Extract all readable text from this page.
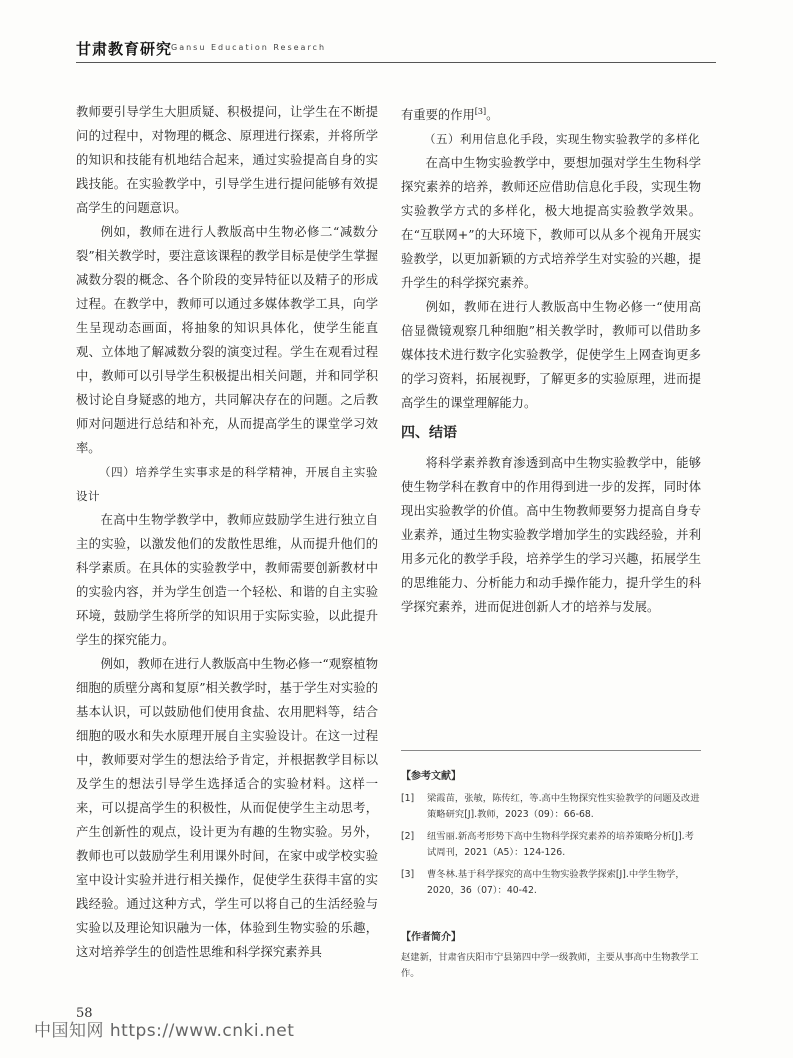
甘肃教育研究
Gansu Education Research

教师要引导学生大胆质疑、积极提问，让学生在不断提问的过程中，对物理的概念、原理进行探索，并将所学的知识和技能有机地结合起来，通过实验提高自身的实践技能。在实验教学中，引导学生进行提问能够有效提高学生的问题意识。

例如，教师在进行人教版高中生物必修二“减数分裂”相关教学时，要注意该课程的教学目标是使学生掌握减数分裂的概念、各个阶段的变异特征以及精子的形成过程。在教学中，教师可以通过多媒体教学工具，向学生呈现动态画面，将抽象的知识具体化，使学生能直观、立体地了解减数分裂的演变过程。学生在观看过程中，教师可以引导学生积极提出相关问题，并和同学积极讨论自身疑惑的地方，共同解决存在的问题。之后教师对问题进行总结和补充，从而提高学生的课堂学习效率。

（四）培养学生实事求是的科学精神，开展自主实验设计

在高中生物学教学中，教师应鼓励学生进行独立自主的实验，以激发他们的发散性思维，从而提升他们的科学素质。在具体的实验教学中，教师需要创新教材中的实验内容，并为学生创造一个轻松、和谐的自主实验环境，鼓励学生将所学的知识用于实际实验，以此提升学生的探究能力。

例如，教师在进行人教版高中生物必修一“观察植物细胞的质壁分离和复原”相关教学时，基于学生对实验的基本认识，可以鼓励他们使用食盐、农用肥料等，结合细胞的吸水和失水原理开展自主实验设计。在这一过程中，教师要对学生的想法给予肯定，并根据教学目标以及学生的想法引导学生选择适合的实验材料。这样一来，可以提高学生的积极性，从而促使学生主动思考，产生创新性的观点，设计更为有趣的生物实验。另外，教师也可以鼓励学生利用课外时间，在家中或学校实验室中设计实验并进行相关操作，促使学生获得丰富的实践经验。通过这种方式，学生可以将自己的生活经验与实验以及理论知识融为一体，体验到生物实验的乐趣，这对培养学生的创造性思维和科学探究素养具

有重要的作用[3]。

（五）利用信息化手段，实现生物实验教学的多样化

在高中生物实验教学中，要想加强对学生生物科学探究素养的培养，教师还应借助信息化手段，实现生物实验教学方式的多样化，极大地提高实验教学效果。在“互联网+”的大环境下，教师可以从多个视角开展实验教学，以更加新颖的方式培养学生对实验的兴趣，提升学生的科学探究素养。

例如，教师在进行人教版高中生物必修一“使用高倍显微镜观察几种细胞”相关教学时，教师可以借助多媒体技术进行数字化实验教学，促使学生上网查询更多的学习资料，拓展视野，了解更多的实验原理，进而提高学生的课堂理解能力。

四、结语

将科学素养教育渗透到高中生物实验教学中，能够使生物学科在教育中的作用得到进一步的发挥，同时体现出实验教学的价值。高中生物教师要努力提高自身专业素养，通过生物实验教学增加学生的实践经验，并利用多元化的教学手段，培养学生的学习兴趣，拓展学生的思维能力、分析能力和动手操作能力，提升学生的科学探究素养，进而促进创新人才的培养与发展。

【参考文献】
[1] 梁霞苗，张敏，陈传红，等.高中生物探究性实验教学的问题及改进策略研究[J].教师，2023（09）：66-68.
[2] 纽雪丽.新高考形势下高中生物科学探究素养的培养策略分析[J].考试周刊，2021（A5）：124-126.
[3] 曹冬林.基于科学探究的高中生物实验教学探索[J].中学生物学，2020，36（07）：40-42.
【作者简介】
赵建新，甘肃省庆阳市宁县第四中学一级教师，主要从事高中生物教学工作。
58
中国知网 https://www.cnki.net
